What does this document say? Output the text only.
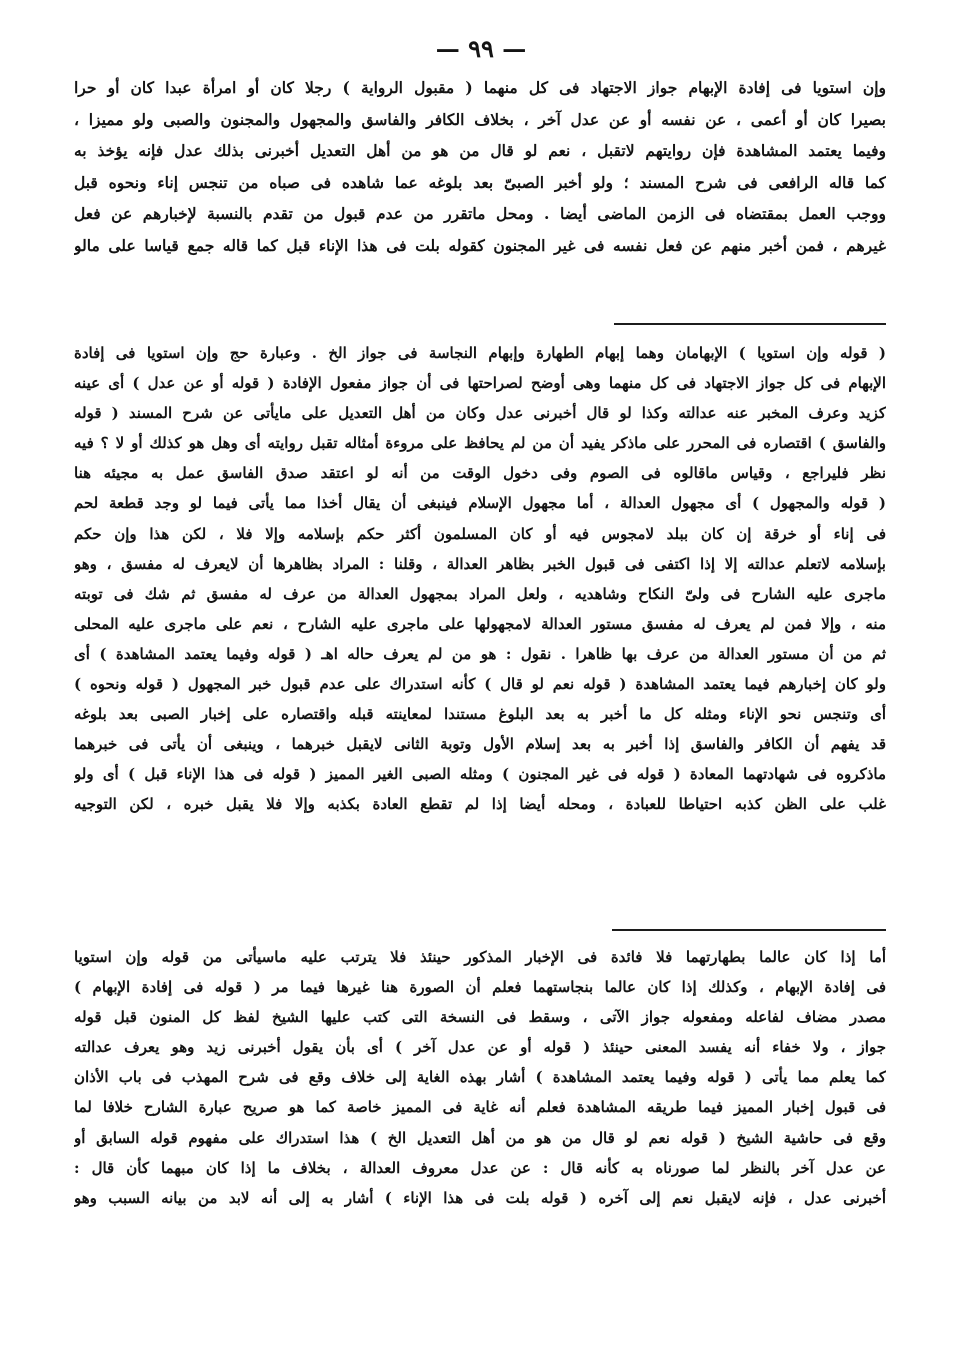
— ٩٩ —
وإن استويا فى إفادة الإبهام جواز الاجتهاد فى كل منهما ( مقبول الرواية ) رجلا كان أو امرأة عبدا كان أو حرا
بصيرا كان أو أعمى ، عن نفسه أو عن عدل آخر ، بخلاف الكافر والفاسق والمجهول والمجنون والصبى ولو مميزا ،
وفيما يعتمد المشاهدة فإن روايتهم لاتقبل ، نعم لو قال من هو من أهل التعديل أخبرنى بذلك عدل فإنه يؤخذ به
كما قاله الرافعى فى شرح المسند ؛ ولو أخبر الصبىّ بعد بلوغه عما شاهده فى صباه من تنجس إناء ونحوه قبل
ووجب العمل بمقتضاه فى الزمن الماضى أيضا . ومحل ماتقرر من عدم قبول من تقدم بالنسبة لإخبارهم عن فعل
غيرهم ، فمن أخبر منهم عن فعل نفسه فى غير المجنون كقوله بلت فى هذا الإناء قبل كما قاله جمع قياسا على مالو
( قوله وإن استويا ) الإبهامان وهما إبهام الطهارة وإبهام النجاسة فى جواز الخ . وعبارة حج وإن استويا فى إفادة
الإبهام فى كل جواز الاجتهاد فى كل منهما وهى أوضح لصراحتها فى أن جواز مفعول الإفادة ( قوله أو عن عدل ) أى عينه
كزيد وعرف المخبر عنه عدالته وكذا لو قال أخبرنى عدل وكان من أهل التعديل على مايأتى عن شرح المسند ( قوله
والفاسق ) اقتصاره فى المحرر على ماذكر يفيد أن من لم يحافظ على مروءة أمثاله تقبل روايته أى وهل هو كذلك أو لا ؟ فيه
نظر فليراجع ، وقياس ماقالوه فى الصوم وفى دخول الوقت من أنه لو اعتقد صدق الفاسق عمل به مجيئه هنا
( قوله والمجهول ) أى مجهول العدالة ، أما مجهول الإسلام فينبغى أن يقال أخذا مما يأتى فيما لو وجد قطعة لحم
فى إناء أو خرقة إن كان ببلد لامجوس فيه أو كان المسلمون أكثر حكم بإسلامه وإلا فلا ، لكن هذا وإن حكم
بإسلامه لاتعلم عدالته إلا إذا اكتفى فى قبول الخبر بظاهر العدالة ، وقلنا : المراد بظاهرها أن لايعرف له مفسق ، وهو
ماجرى عليه الشارح فى ولىّ النكاح وشاهديه ، ولعل المراد بمجهول العدالة من عرف له مفسق ثم شك فى توبته
منه ، وإلا فمن لم يعرف له مفسق مستور العدالة لامجهولها على ماجرى عليه الشارح ، نعم على ماجرى عليه المحلى
ثم من أن مستور العدالة من عرف بها ظاهرا . نقول : هو من لم يعرف حاله اهـ ( قوله وفيما يعتمد المشاهدة ) أى
ولو كان إخبارهم فيما يعتمد المشاهدة ( قوله نعم لو قال ) كأنه استدراك على عدم قبول خبر المجهول ( قوله ونحوه )
أى وتنجس نحو الإناء ومثله كل ما أخبر به بعد البلوغ مستندا لمعاينته قبله واقتصاره على إخبار الصبى بعد بلوغه
قد يفهم أن الكافر والفاسق إذا أخبر به بعد إسلام الأول وتوبة الثانى لايقبل خبرهما ، وينبغى أن يأتى فى خبرهما
ماذكروه فى شهادتهما المعادة ( قوله فى غير المجنون ) ومثله الصبى الغير المميز ( قوله فى هذا الإناء قبل ) أى ولو
غلب على الظن كذبه احتياطا للعبادة ، ومحله أيضا إذا لم تقطع العادة بكذبه وإلا فلا يقبل خبره ، لكن التوجيه
أما إذا كان عالما بطهارتهما فلا فائدة فى الإخبار المذكور حينئذ فلا يترتب عليه ماسيأتى من قوله وإن استويا
فى إفادة الإبهام ، وكذلك إذا كان عالما بنجاستهما فعلم أن الصورة هنا غيرها فيما مر ( قوله فى إفادة الإبهام )
مصدر مضاف لفاعله ومفعوله جواز الآتى ، وسقط فى النسخة التى كتب عليها الشيخ لفظ كل المنون قبل قوله
جواز ، ولا خفاء أنه يفسد المعنى حينئذ ( قوله أو عن عدل آخر ) أى بأن يقول أخبرنى زيد وهو يعرف عدالته
كما يعلم مما يأتى ( قوله وفيما يعتمد المشاهدة ) أشار بهذه الغاية إلى خلاف وقع فى شرح المهذب فى باب الأذان
فى قبول إخبار المميز فيما طريقه المشاهدة فعلم أنه غاية فى المميز خاصة كما هو صريح عبارة الشارح خلافا لما
وقع فى حاشية الشيخ ( قوله نعم لو قال من هو من أهل التعديل الخ ) هذا استدراك على مفهوم قوله السابق أو
عن عدل آخر بالنظر لما صورناه به كأنه قال : عن عدل معروف العدالة ، بخلاف ما إذا كان مبهما كأن قال :
أخبرنى عدل ، فإنه لايقبل نعم إلى آخره ( قوله بلت فى هذا الإناء ) أشار به إلى أنه لابد من بيانه السبب وهو
